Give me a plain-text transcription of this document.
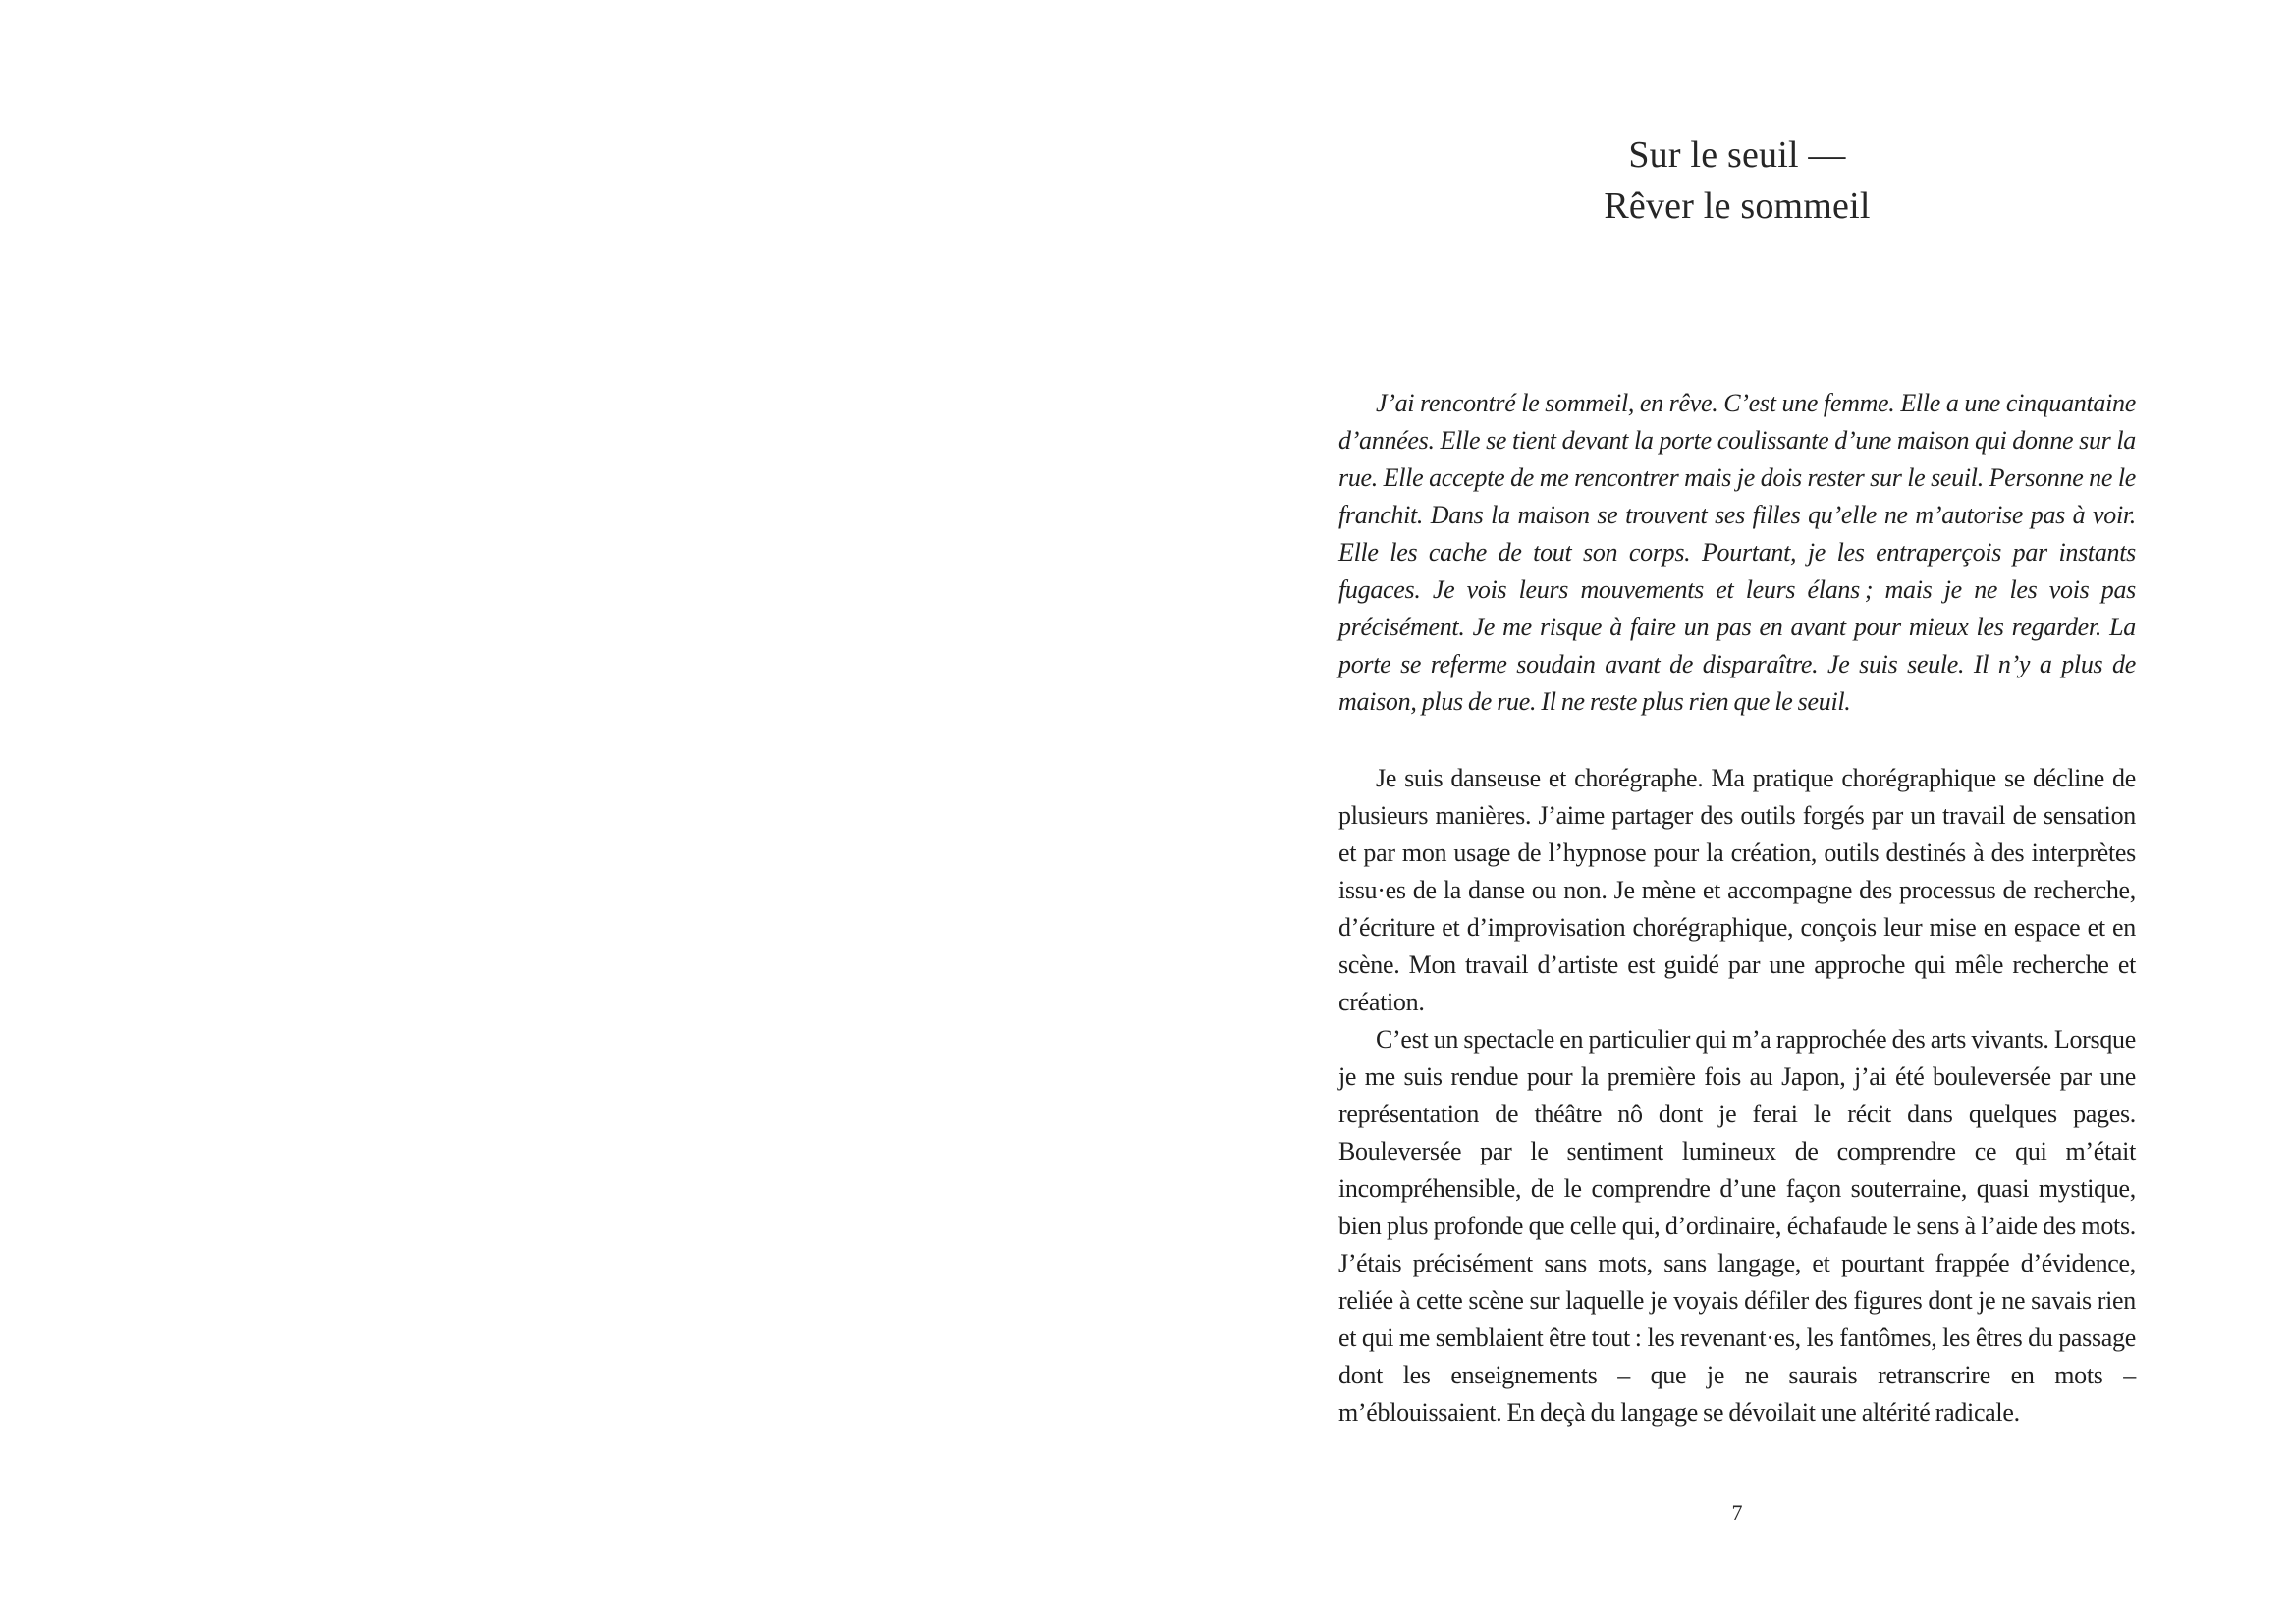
Sur le seuil —
Rêver le sommeil

J’ai rencontré le sommeil, en rêve. C’est une femme. Elle a une cinquantaine d’années. Elle se tient devant la porte coulissante d’une maison qui donne sur la rue. Elle accepte de me rencontrer mais je dois rester sur le seuil. Personne ne le franchit. Dans la maison se trouvent ses filles qu’elle ne m’autorise pas à voir. Elle les cache de tout son corps. Pourtant, je les entraperçois par instants fugaces. Je vois leurs mouvements et leurs élans ; mais je ne les vois pas précisément. Je me risque à faire un pas en avant pour mieux les regarder. La porte se referme soudain avant de disparaître. Je suis seule. Il n’y a plus de maison, plus de rue. Il ne reste plus rien que le seuil.

Je suis danseuse et chorégraphe. Ma pratique chorégraphique se décline de plusieurs manières. J’aime partager des outils forgés par un travail de sensation et par mon usage de l’hypnose pour la création, outils destinés à des interprètes issu·es de la danse ou non. Je mène et accompagne des processus de recherche, d’écriture et d’improvisation chorégraphique, conçois leur mise en espace et en scène. Mon travail d’artiste est guidé par une approche qui mêle recherche et création.

C’est un spectacle en particulier qui m’a rapprochée des arts vivants. Lorsque je me suis rendue pour la première fois au Japon, j’ai été bouleversée par une représentation de théâtre nô dont je ferai le récit dans quelques pages. Bouleversée par le sentiment lumineux de comprendre ce qui m’était incompréhensible, de le comprendre d’une façon souterraine, quasi mystique, bien plus profonde que celle qui, d’ordinaire, échafaude le sens à l’aide des mots. J’étais précisément sans mots, sans langage, et pourtant frappée d’évidence, reliée à cette scène sur laquelle je voyais défiler des figures dont je ne savais rien et qui me semblaient être tout : les revenant·es, les fantômes, les êtres du passage dont les enseignements – que je ne saurais retranscrire en mots – m’éblouissaient. En deçà du langage se dévoilait une altérité radicale.

7
